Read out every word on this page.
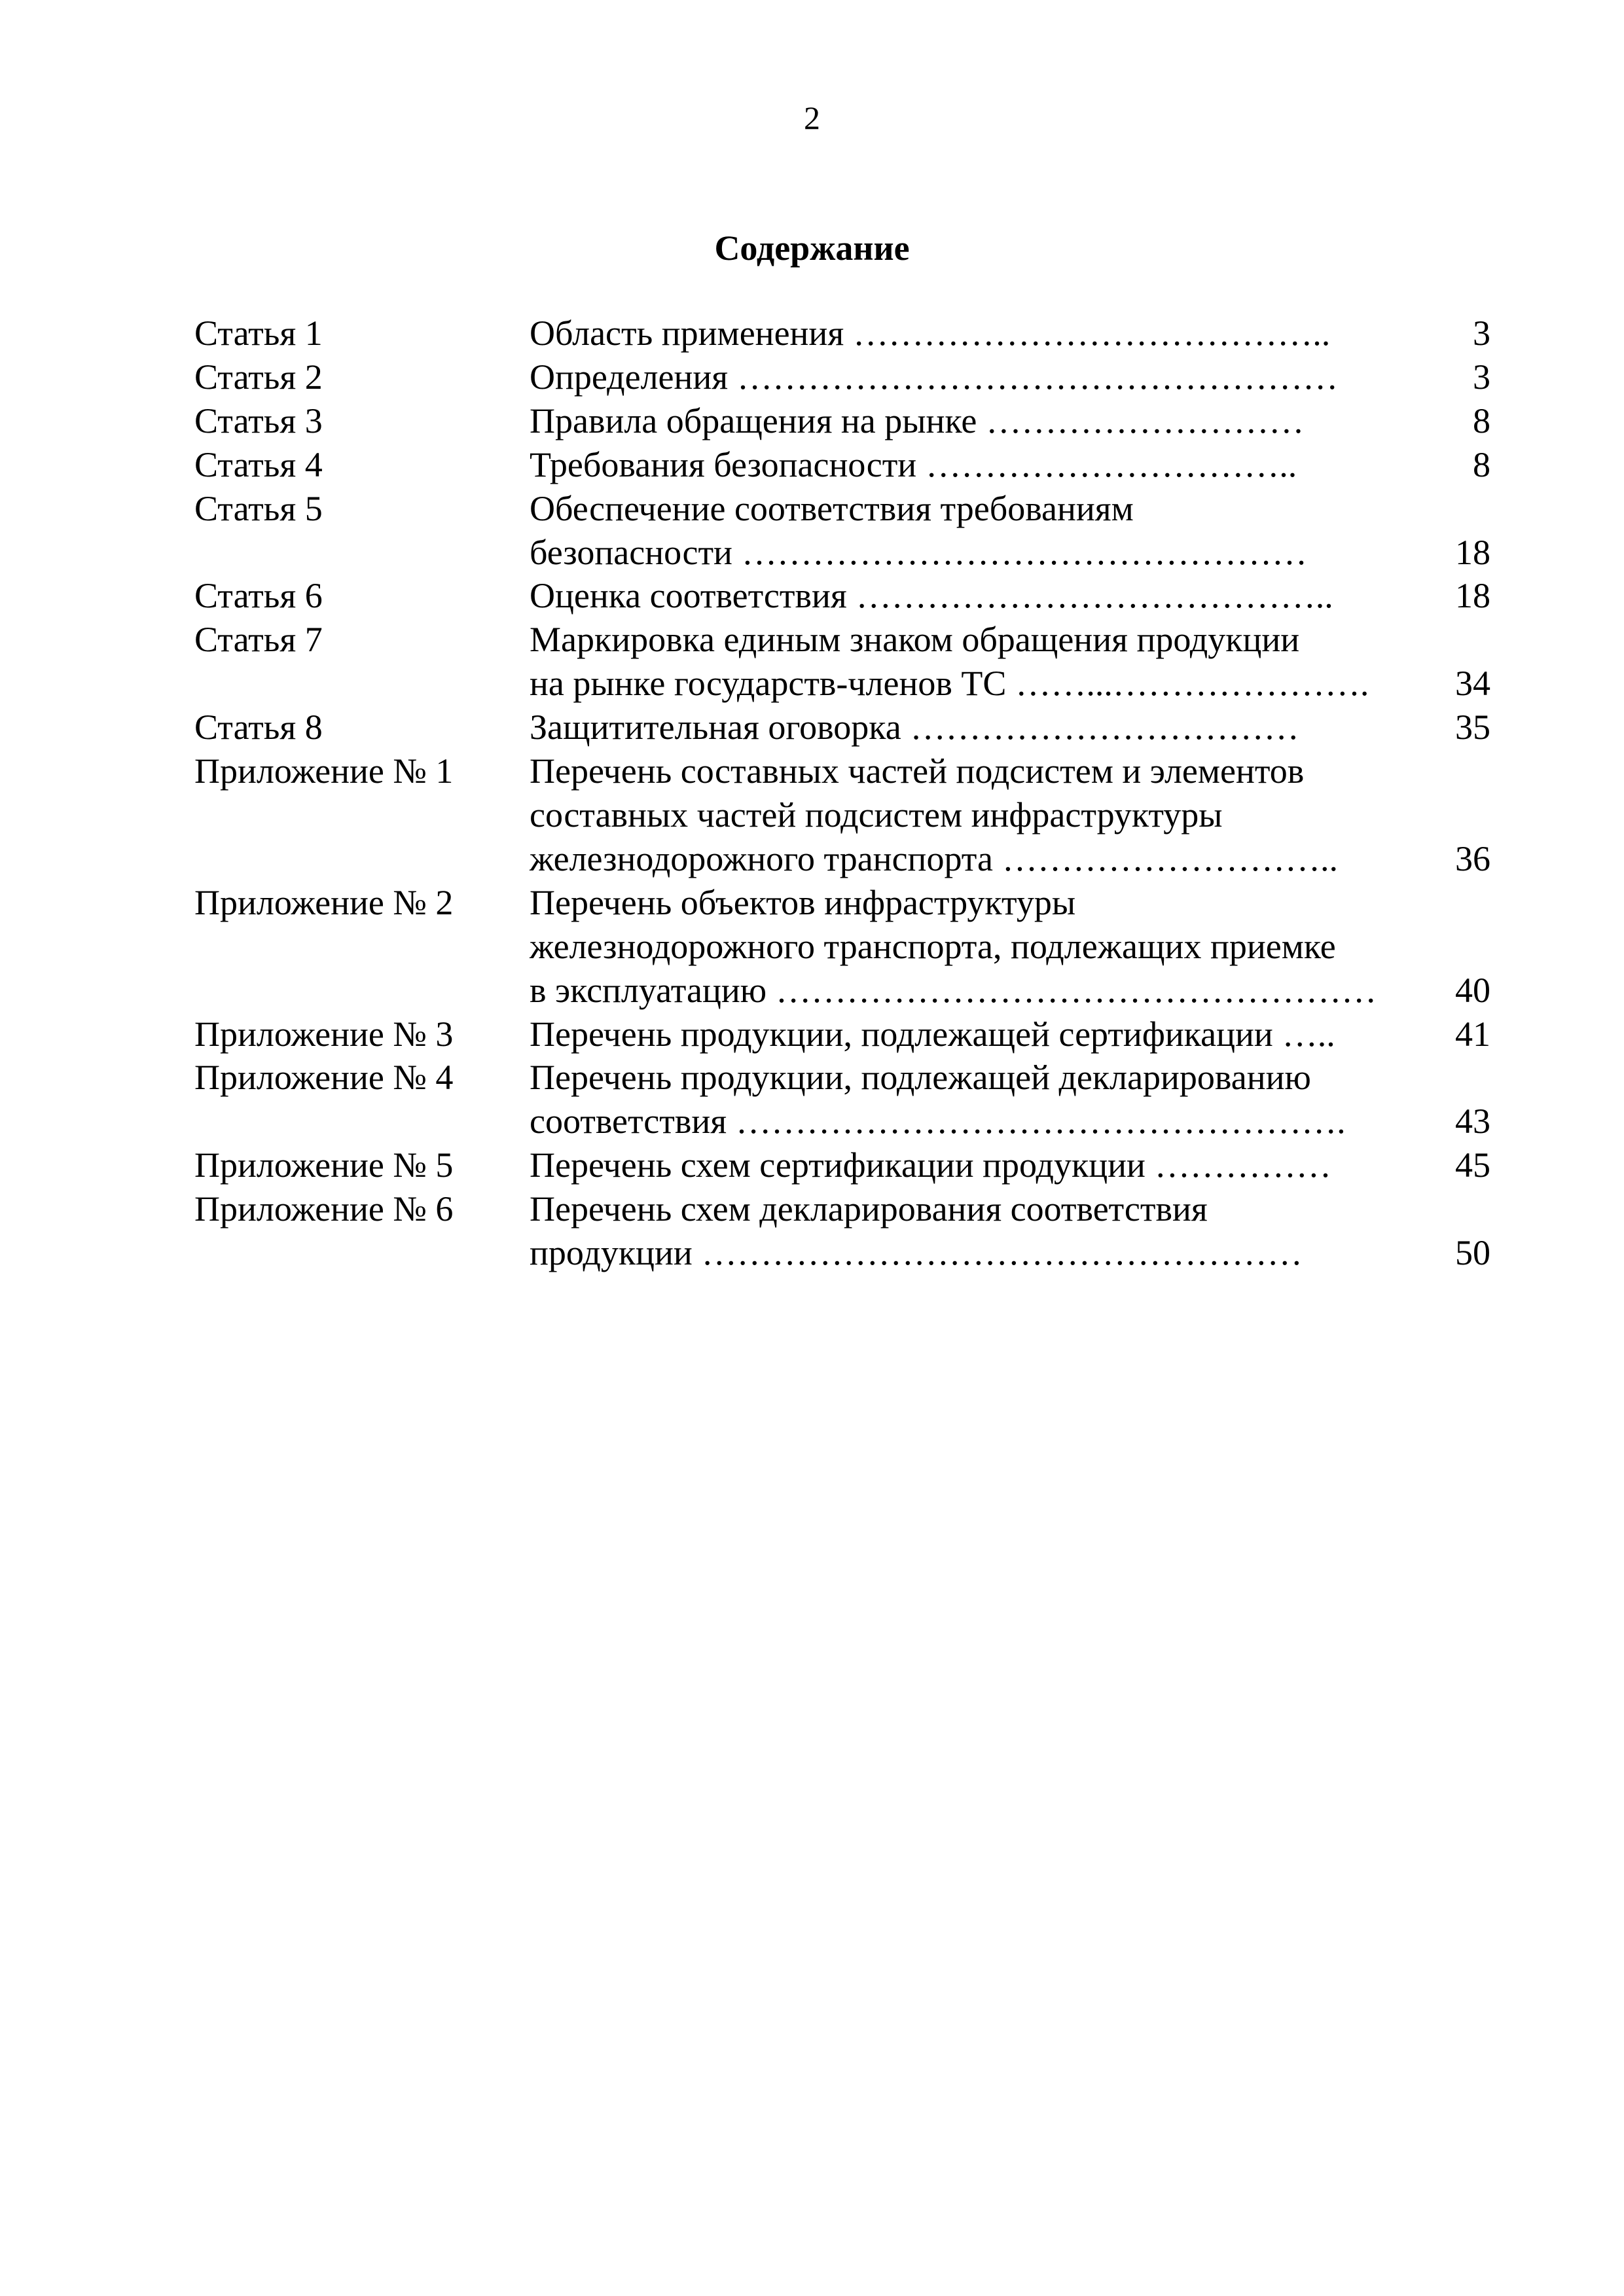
2
Содержание
Статья 1	Область применения …………………………………..	3
Статья 2	Определения ……………………………………………	3
Статья 3	Правила обращения на рынке ………………………	8
Статья 4	Требования безопасности …………………………..	8
Статья 5	Обеспечение соответствия требованиям
безопасности …………………………………………	18
Статья 6	Оценка соответствия …………………………………..	18
Статья 7	Маркировка единым знаком обращения продукции
на рынке государств-членов ТС ……...………………….	34
Статья 8	Защитительная оговорка ……………………………	35
Приложение № 1	Перечень составных частей подсистем и элементов
составных частей подсистем инфраструктуры
железнодорожного транспорта ………………………..	36
Приложение № 2	Перечень объектов инфраструктуры
железнодорожного транспорта, подлежащих приемке
в эксплуатацию ……………………………………………	40
Приложение № 3	Перечень продукции, подлежащей сертификации …..	41
Приложение № 4	Перечень продукции, подлежащей декларированию
соответствия …………………………………………….	43
Приложение № 5	Перечень схем сертификации продукции ……………	45
Приложение № 6	Перечень схем декларирования соответствия
продукции ……………………………………………	50
